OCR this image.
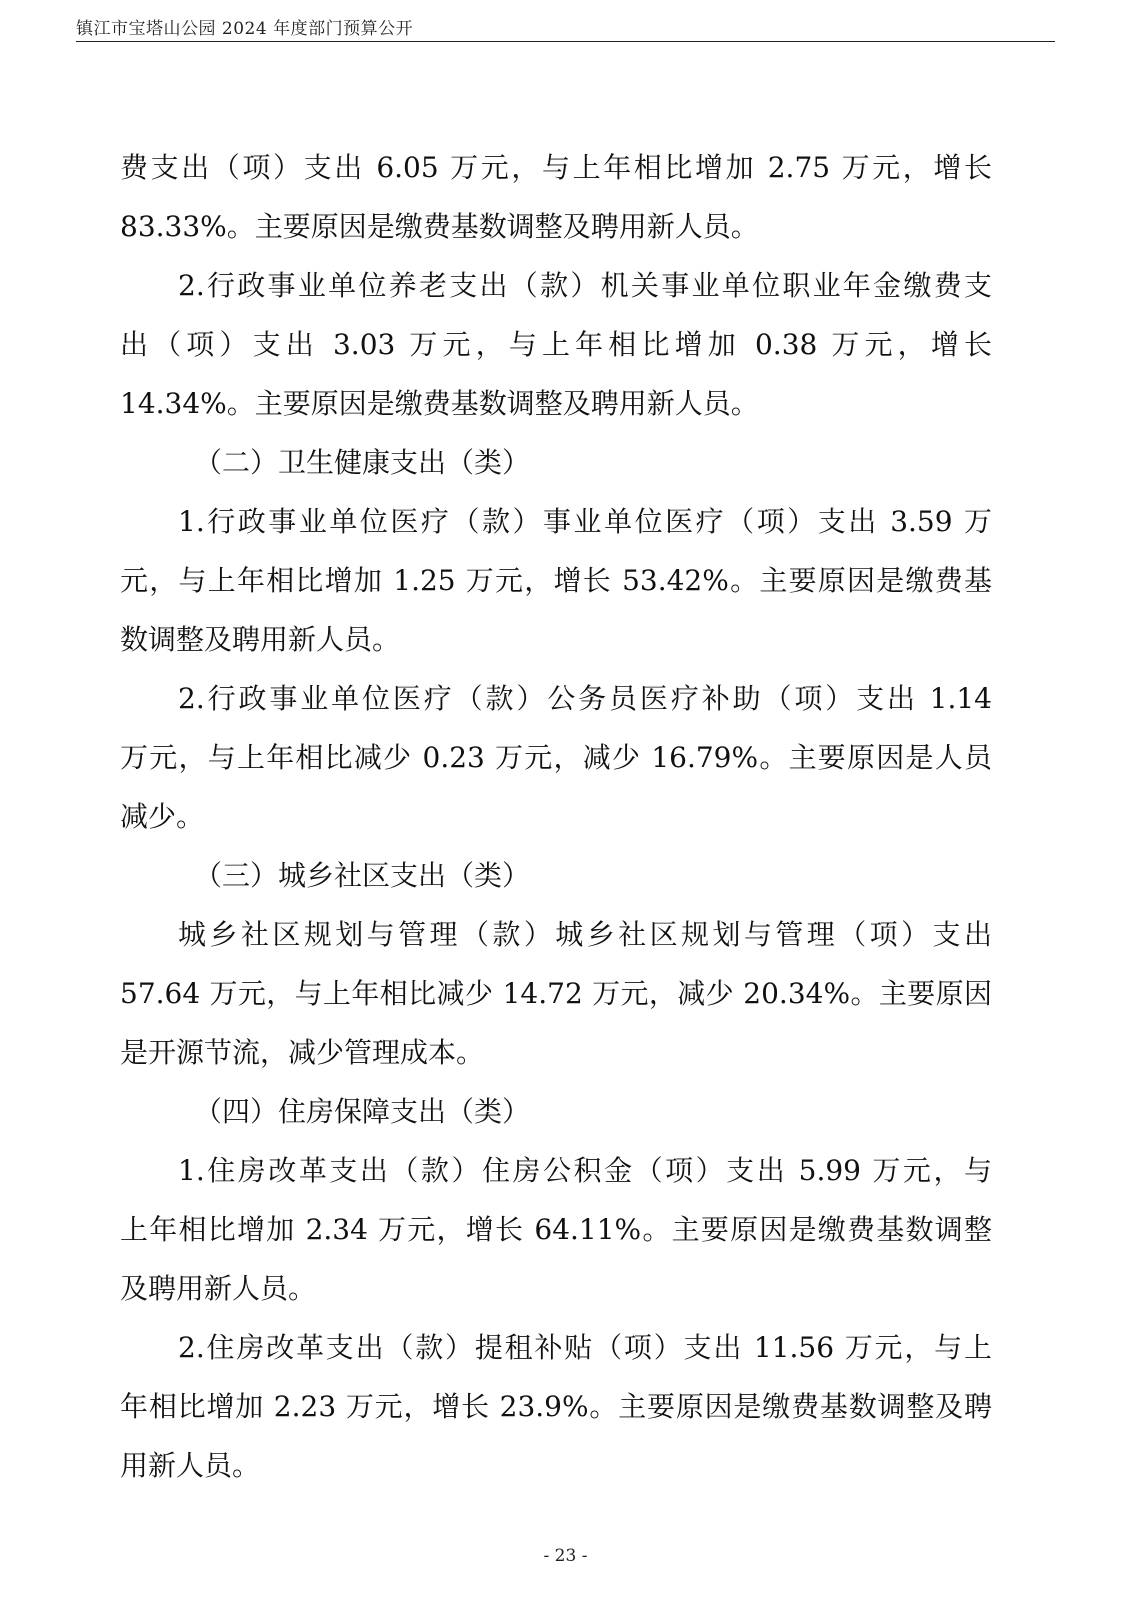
镇江市宝塔山公园 2024 年度部门预算公开
费支出（项）支出 6.05 万元，与上年相比增加 2.75 万元，增长
83.33%。主要原因是缴费基数调整及聘用新人员。
2.行政事业单位养老支出（款）机关事业单位职业年金缴费支
出（项）支出 3.03 万元，与上年相比增加 0.38 万元，增长
14.34%。主要原因是缴费基数调整及聘用新人员。
（二）卫生健康支出（类）
1.行政事业单位医疗（款）事业单位医疗（项）支出 3.59 万
元，与上年相比增加 1.25 万元，增长 53.42%。主要原因是缴费基
数调整及聘用新人员。
2.行政事业单位医疗（款）公务员医疗补助（项）支出 1.14
万元，与上年相比减少 0.23 万元，减少 16.79%。主要原因是人员
减少。
（三）城乡社区支出（类）
城乡社区规划与管理（款）城乡社区规划与管理（项）支出
57.64 万元，与上年相比减少 14.72 万元，减少 20.34%。主要原因
是开源节流，减少管理成本。
（四）住房保障支出（类）
1.住房改革支出（款）住房公积金（项）支出 5.99 万元，与
上年相比增加 2.34 万元，增长 64.11%。主要原因是缴费基数调整
及聘用新人员。
2.住房改革支出（款）提租补贴（项）支出 11.56 万元，与上
年相比增加 2.23 万元，增长 23.9%。主要原因是缴费基数调整及聘
用新人员。
- 23 -
